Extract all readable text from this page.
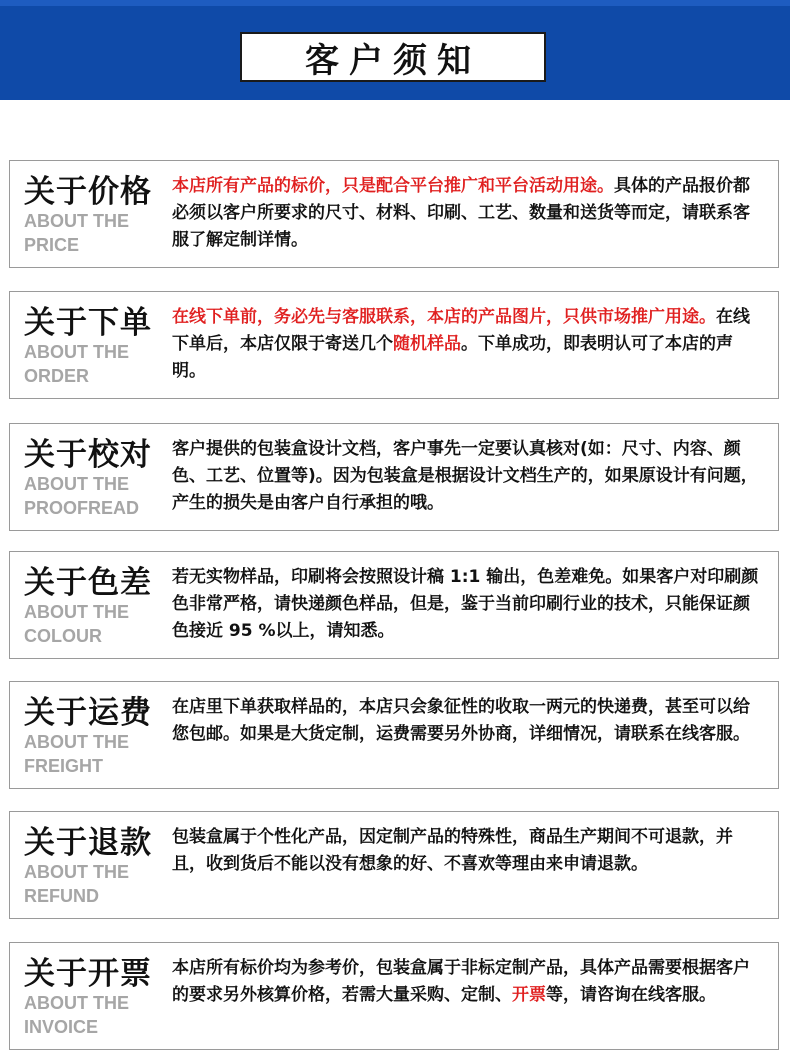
客户须知
关于价格
ABOUT THE
PRICE
本店所有产品的标价，只是配合平台推广和平台活动用途。具体的产品报价都必须以客户所要求的尺寸、材料、印刷、工艺、数量和送货等而定，请联系客服了解定制详情。
关于下单
ABOUT THE
ORDER
在线下单前，务必先与客服联系，本店的产品图片，只供市场推广用途。在线下单后，本店仅限于寄送几个随机样品。下单成功，即表明认可了本店的声明。
关于校对
ABOUT THE
PROOFREAD
客户提供的包装盒设计文档，客户事先一定要认真核对(如：尺寸、内容、颜色、工艺、位置等)。因为包装盒是根据设计文档生产的，如果原设计有问题，产生的损失是由客户自行承担的哦。
关于色差
ABOUT THE
COLOUR
若无实物样品，印刷将会按照设计稿 1:1 输出，色差难免。如果客户对印刷颜色非常严格，请快递颜色样品，但是，鉴于当前印刷行业的技术，只能保证颜色接近 95 %以上，请知悉。
关于运费
ABOUT THE
FREIGHT
在店里下单获取样品的，本店只会象征性的收取一两元的快递费，甚至可以给您包邮。如果是大货定制，运费需要另外协商，详细情况，请联系在线客服。
关于退款
ABOUT THE
REFUND
包装盒属于个性化产品，因定制产品的特殊性，商品生产期间不可退款，并且，收到货后不能以没有想象的好、不喜欢等理由来申请退款。
关于开票
ABOUT THE
INVOICE
本店所有标价均为参考价，包装盒属于非标定制产品，具体产品需要根据客户的要求另外核算价格，若需大量采购、定制、开票等，请咨询在线客服。
